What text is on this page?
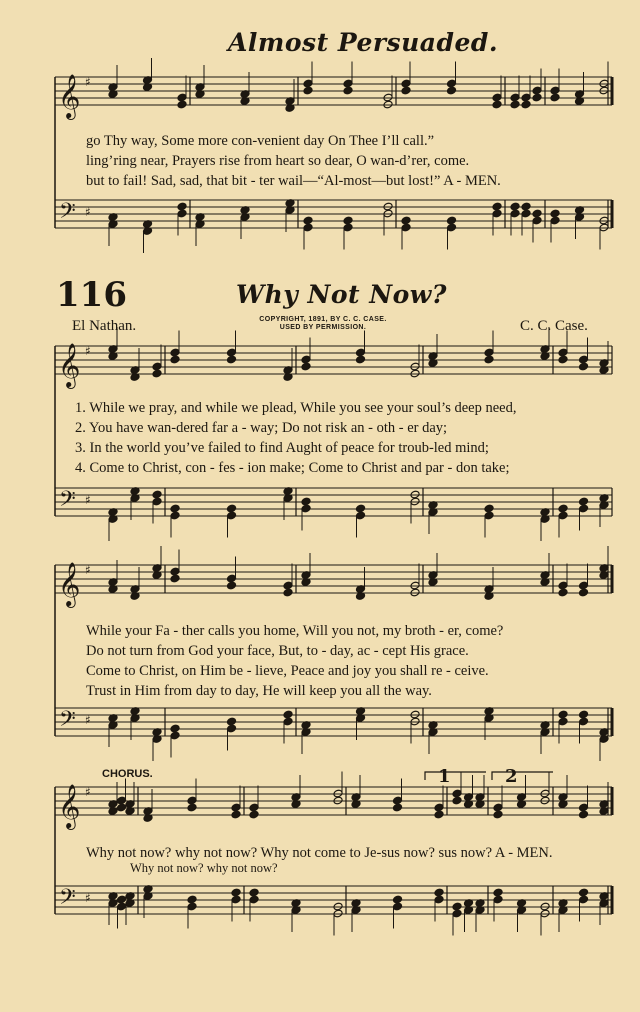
𝄞
𝄢
♯
♯
𝄞
𝄢
♯
♯
𝄞
𝄢
♯
♯
𝄞
𝄢
♯
♯
Almost Persuaded.
go Thy way, Some more con-venient day On Thee I’ll call.”
ling’ring near, Prayers rise from heart so dear, O wan-d’rer, come.
but to fail! Sad, sad, that bit - ter wail—“Al-most—but lost!” A - MEN.
116	Why Not Now?
El Nathan.	COPYRIGHT, 1891, BY C. C. CASE.
USED BY PERMISSION.	C. C. Case.
1. While we pray, and while we plead, While you see your soul’s deep need,
2. You have wan-dered far a - way; Do not risk an - oth - er day;
3. In the world you’ve failed to find Aught of peace for troub-led mind;
4. Come to Christ, con - fes - ion make; Come to Christ and par - don take;
While your Fa - ther calls you home, Will you not, my broth - er, come?
Do not turn from God your face, But, to - day, ac - cept His grace.
Come to Christ, on Him be - lieve, Peace and joy you shall re - ceive.
Trust in Him from day to day, He will keep you all the way.
CHORUS.	1	2
Why not now? why not now? Why not come to Je-sus now? sus now? A - MEN.
Why not now? why not now?
